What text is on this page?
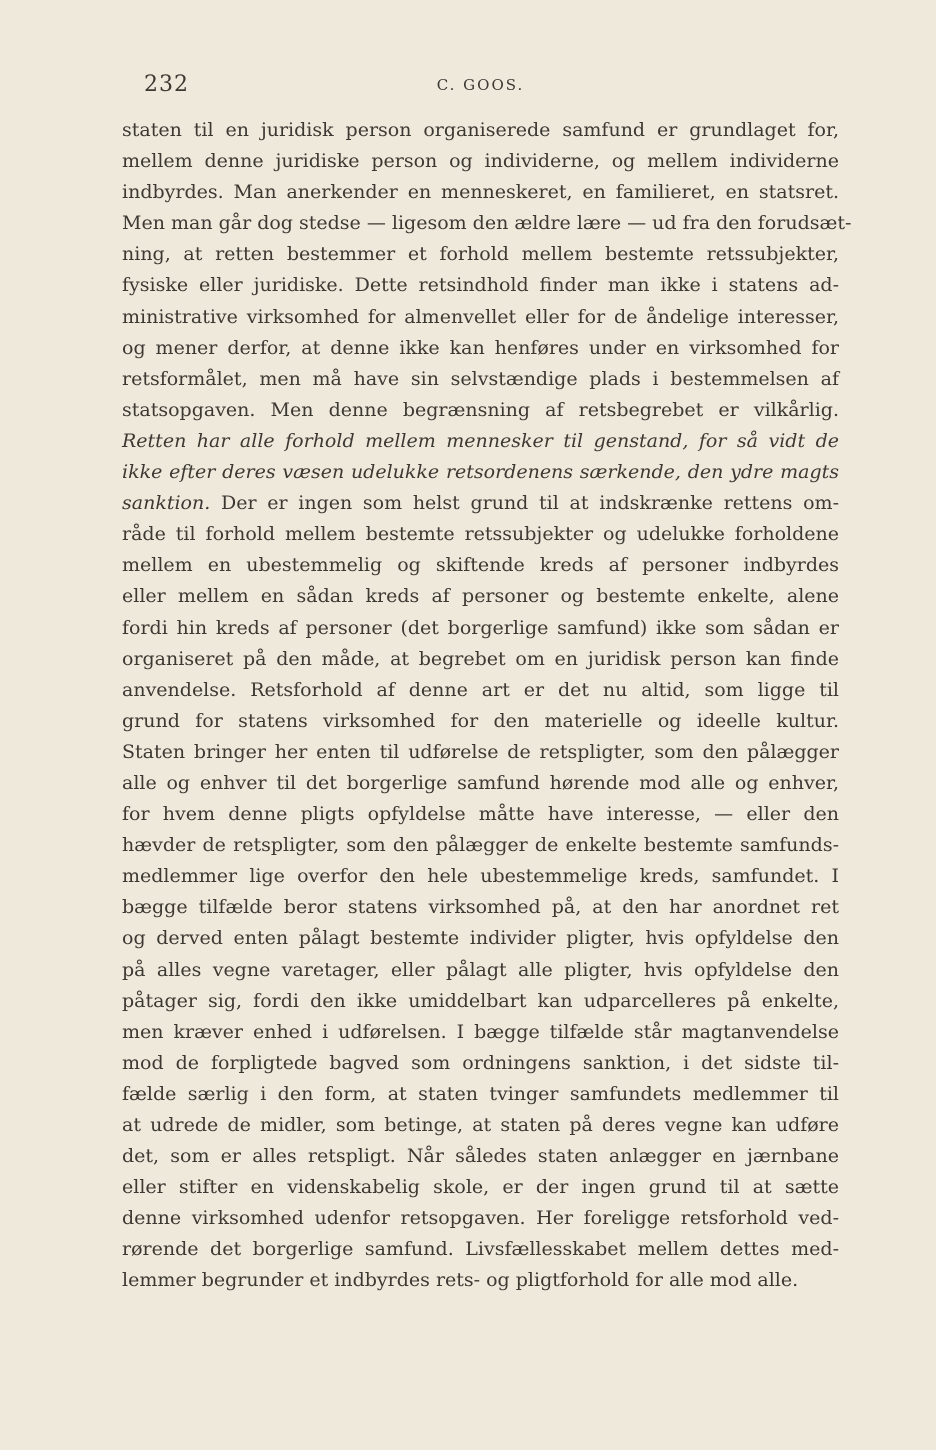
232	C. GOOS.
staten til en juridisk person organiserede samfund er grundlaget for,
mellem denne juridiske person og individerne, og mellem individerne
indbyrdes. Man anerkender en menneskeret, en familieret, en statsret.
Men man går dog stedse — ligesom den ældre lære — ud fra den forudsæt-
ning, at retten bestemmer et forhold mellem bestemte retssubjekter,
fysiske eller juridiske. Dette retsindhold finder man ikke i statens ad-
ministrative virksomhed for almenvellet eller for de åndelige interesser,
og mener derfor, at denne ikke kan henføres under en virksomhed for
retsformålet, men må have sin selvstændige plads i bestemmelsen af
statsopgaven. Men denne begrænsning af retsbegrebet er vilkårlig.
Retten har alle forhold mellem mennesker til genstand, for så vidt de
ikke efter deres væsen udelukke retsordenens særkende, den ydre magts
sanktion. Der er ingen som helst grund til at indskrænke rettens om-
råde til forhold mellem bestemte retssubjekter og udelukke forholdene
mellem en ubestemmelig og skiftende kreds af personer indbyrdes
eller mellem en sådan kreds af personer og bestemte enkelte, alene
fordi hin kreds af personer (det borgerlige samfund) ikke som sådan er
organiseret på den måde, at begrebet om en juridisk person kan finde
anvendelse. Retsforhold af denne art er det nu altid, som ligge til
grund for statens virksomhed for den materielle og ideelle kultur.
Staten bringer her enten til udførelse de retspligter, som den pålægger
alle og enhver til det borgerlige samfund hørende mod alle og enhver,
for hvem denne pligts opfyldelse måtte have interesse, — eller den
hævder de retspligter, som den pålægger de enkelte bestemte samfunds-
medlemmer lige overfor den hele ubestemmelige kreds, samfundet. I
bægge tilfælde beror statens virksomhed på, at den har anordnet ret
og derved enten pålagt bestemte individer pligter, hvis opfyldelse den
på alles vegne varetager, eller pålagt alle pligter, hvis opfyldelse den
påtager sig, fordi den ikke umiddelbart kan udparcelleres på enkelte,
men kræver enhed i udførelsen. I bægge tilfælde står magtanvendelse
mod de forpligtede bagved som ordningens sanktion, i det sidste til-
fælde særlig i den form, at staten tvinger samfundets medlemmer til
at udrede de midler, som betinge, at staten på deres vegne kan udføre
det, som er alles retspligt. Når således staten anlægger en jærnbane
eller stifter en videnskabelig skole, er der ingen grund til at sætte
denne virksomhed udenfor retsopgaven. Her foreligge retsforhold ved-
rørende det borgerlige samfund. Livsfællesskabet mellem dettes med-
lemmer begrunder et indbyrdes rets- og pligtforhold for alle mod alle.
